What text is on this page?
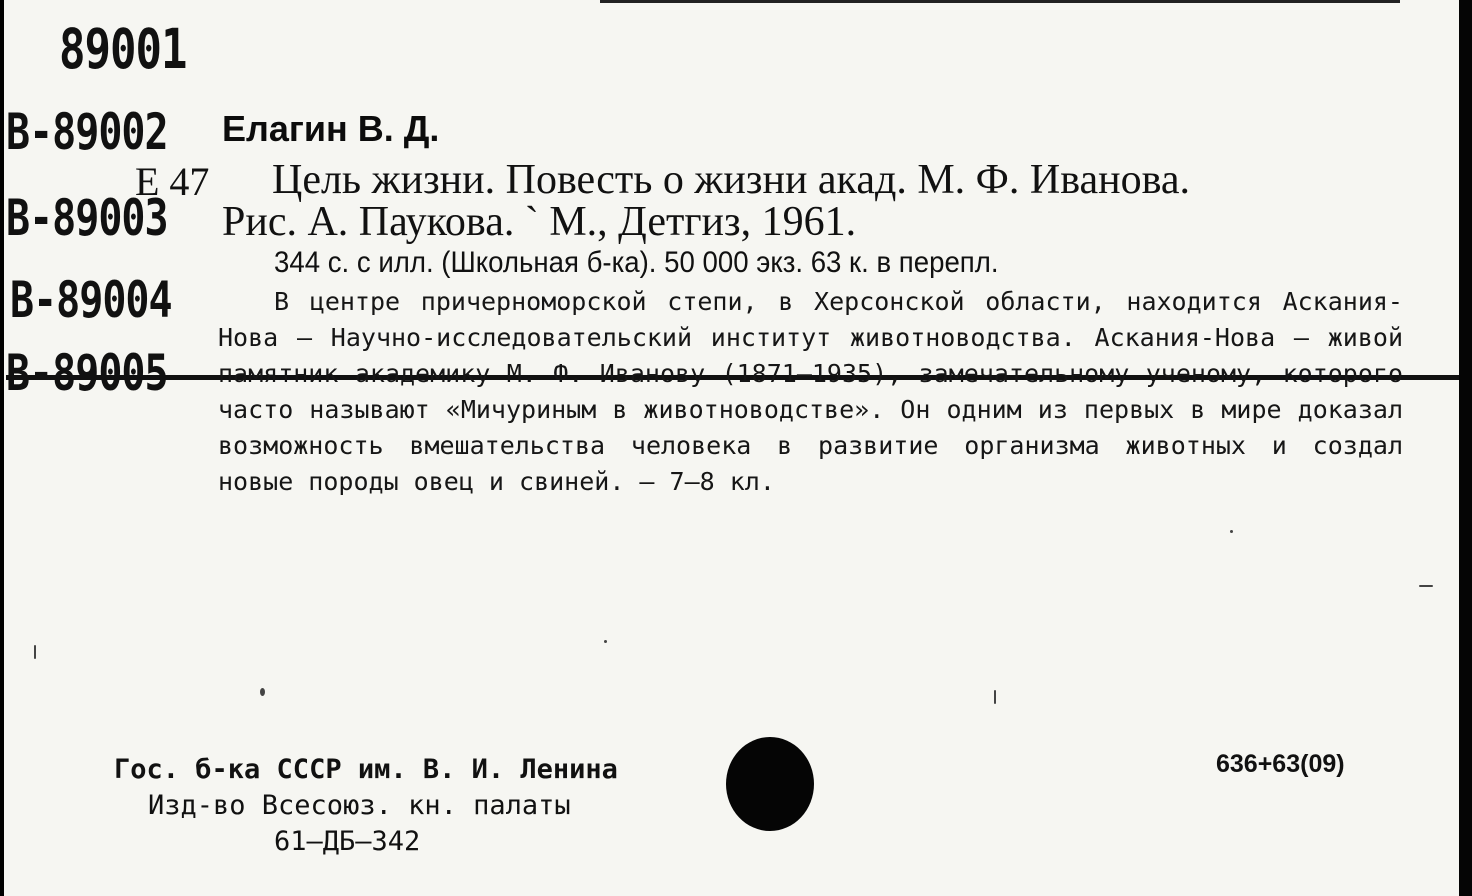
89001
В-89002
В-89003
В-89004
В-89005
Елагин В. Д.
Е 47 Цель жизни. Повесть о жизни акад. М. Ф. Иванова.
Рис. А. Паукова. ` М., Детгиз, 1961.
344 с. с илл. (Школьная б-ка). 50 000 экз. 63 к. в перепл.
В центре причерноморской степи, в Херсонской области, находится Аскания-Нова — Научно-исследовательский институт животноводства. Аскания-Нова — живой памятник академику М. Ф. Иванову (1871—1935), замечательному ученому, которого часто называют «Мичуриным в животноводстве». Он одним из первых в мире доказал возможность вмешательства человека в развитие организма животных и создал новые породы овец и свиней. — 7—8 кл.
Гос. б-ка СССР им. В. И. Ленина
Изд-во Всесоюз. кн. палаты
61—ДБ—342
636+63(09)
